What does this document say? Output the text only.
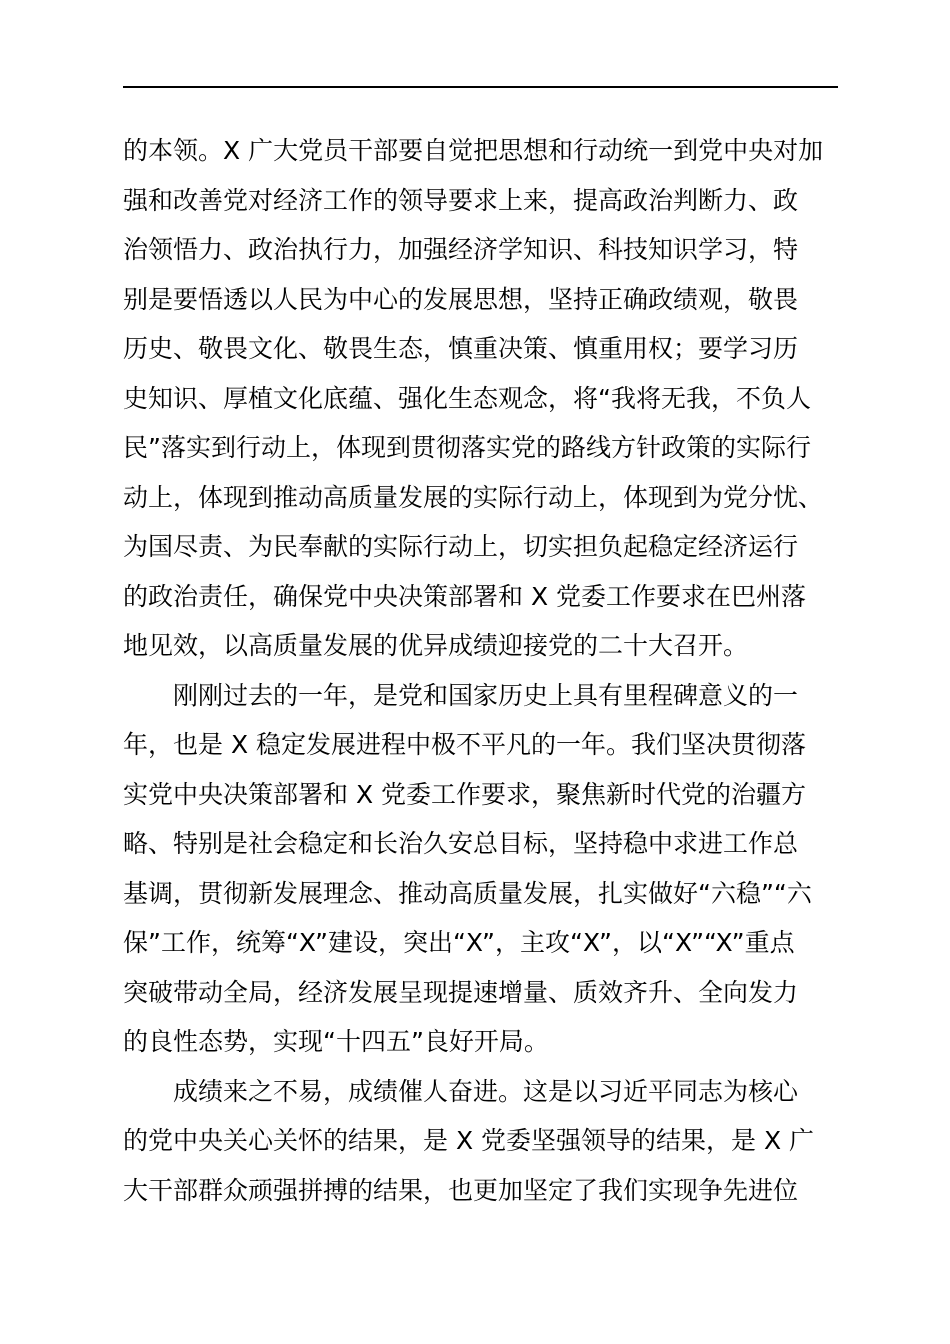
的本领。X 广大党员干部要自觉把思想和行动统一到党中央对加
强和改善党对经济工作的领导要求上来，提高政治判断力、政
治领悟力、政治执行力，加强经济学知识、科技知识学习，特
别是要悟透以人民为中心的发展思想，坚持正确政绩观，敬畏
历史、敬畏文化、敬畏生态，慎重决策、慎重用权；要学习历
史知识、厚植文化底蕴、强化生态观念，将“我将无我，不负人
民”落实到行动上，体现到贯彻落实党的路线方针政策的实际行
动上，体现到推动高质量发展的实际行动上，体现到为党分忧、
为国尽责、为民奉献的实际行动上，切实担负起稳定经济运行
的政治责任，确保党中央决策部署和 X 党委工作要求在巴州落
地见效，以高质量发展的优异成绩迎接党的二十大召开。
刚刚过去的一年，是党和国家历史上具有里程碑意义的一
年，也是 X 稳定发展进程中极不平凡的一年。我们坚决贯彻落
实党中央决策部署和 X 党委工作要求，聚焦新时代党的治疆方
略、特别是社会稳定和长治久安总目标，坚持稳中求进工作总
基调，贯彻新发展理念、推动高质量发展，扎实做好“六稳”“六
保”工作，统筹“X”建设，突出“X”，主攻“X”，以“X”“X”重点
突破带动全局，经济发展呈现提速增量、质效齐升、全向发力
的良性态势，实现“十四五”良好开局。
成绩来之不易，成绩催人奋进。这是以习近平同志为核心
的党中央关心关怀的结果，是 X 党委坚强领导的结果，是 X 广
大干部群众顽强拼搏的结果，也更加坚定了我们实现争先进位
